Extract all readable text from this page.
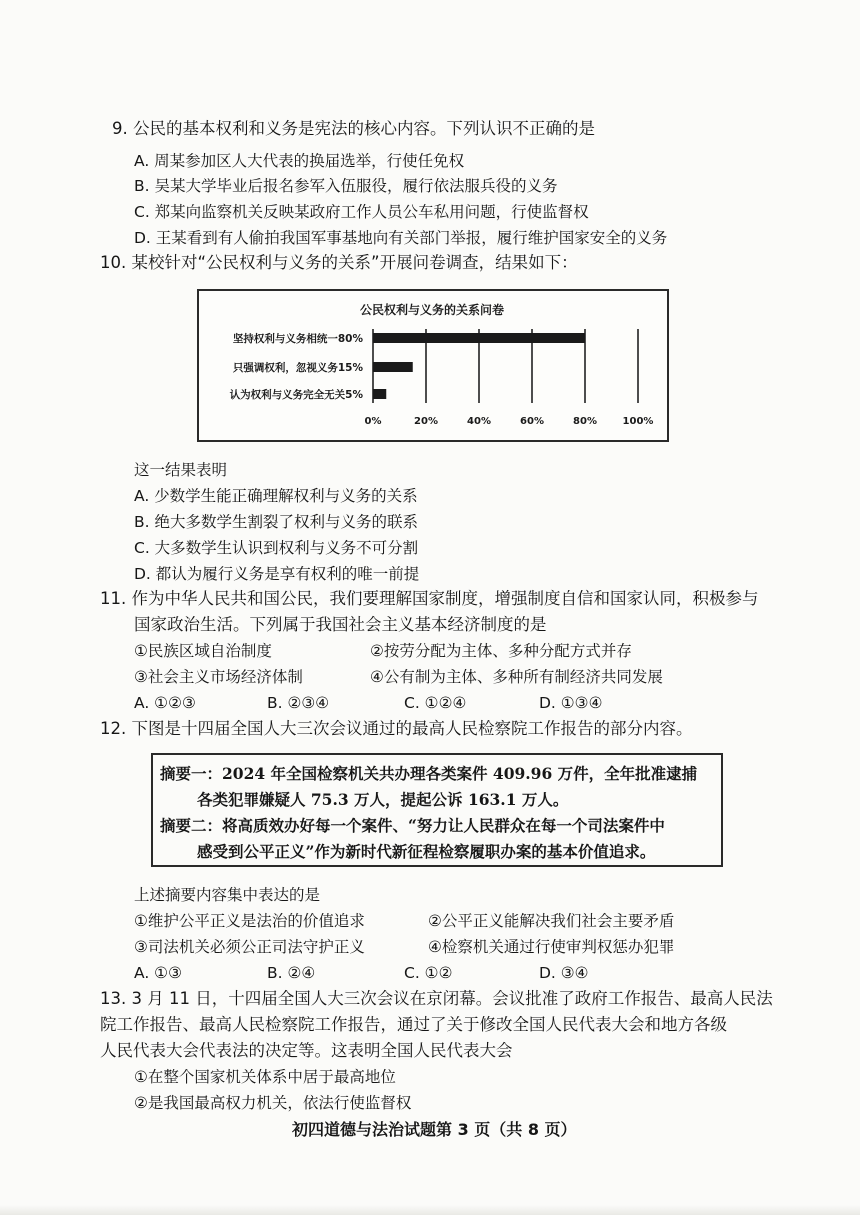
9. 公民的基本权利和义务是宪法的核心内容。下列认识不正确的是
A. 周某参加区人大代表的换届选举，行使任免权
B. 吴某大学毕业后报名参军入伍服役，履行依法服兵役的义务
C. 郑某向监察机关反映某政府工作人员公车私用问题，行使监督权
D. 王某看到有人偷拍我国军事基地向有关部门举报，履行维护国家安全的义务
10. 某校针对“公民权利与义务的关系”开展问卷调查，结果如下：
公民权利与义务的关系问卷
坚持权利与义务相统一80%
只强调权利，忽视义务15%
认为权利与义务完全无关5%
0%	20%	40%	60%	80%	100%
这一结果表明
A. 少数学生能正确理解权利与义务的关系
B. 绝大多数学生割裂了权利与义务的联系
C. 大多数学生认识到权利与义务不可分割
D. 都认为履行义务是享有权利的唯一前提
11. 作为中华人民共和国公民，我们要理解国家制度，增强制度自信和国家认同，积极参与
国家政治生活。下列属于我国社会主义基本经济制度的是
①民族区域自治制度	②按劳分配为主体、多种分配方式并存
③社会主义市场经济体制	④公有制为主体、多种所有制经济共同发展
A. ①②③	B. ②③④	C. ①②④	D. ①③④
12. 下图是十四届全国人大三次会议通过的最高人民检察院工作报告的部分内容。
摘要一：2024 年全国检察机关共办理各类案件 409.96 万件，全年批准逮捕
各类犯罪嫌疑人 75.3 万人，提起公诉 163.1 万人。
摘要二：将高质效办好每一个案件、“努力让人民群众在每一个司法案件中
感受到公平正义”作为新时代新征程检察履职办案的基本价值追求。
上述摘要内容集中表达的是
①维护公平正义是法治的价值追求	②公平正义能解决我们社会主要矛盾
③司法机关必须公正司法守护正义	④检察机关通过行使审判权惩办犯罪
A. ①③	B. ②④	C. ①②	D. ③④
13. 3 月 11 日，十四届全国人大三次会议在京闭幕。会议批准了政府工作报告、最高人民法
院工作报告、最高人民检察院工作报告，通过了关于修改全国人民代表大会和地方各级
人民代表大会代表法的决定等。这表明全国人民代表大会
①在整个国家机关体系中居于最高地位
②是我国最高权力机关，依法行使监督权
初四道德与法治试题第 3 页（共 8 页）
